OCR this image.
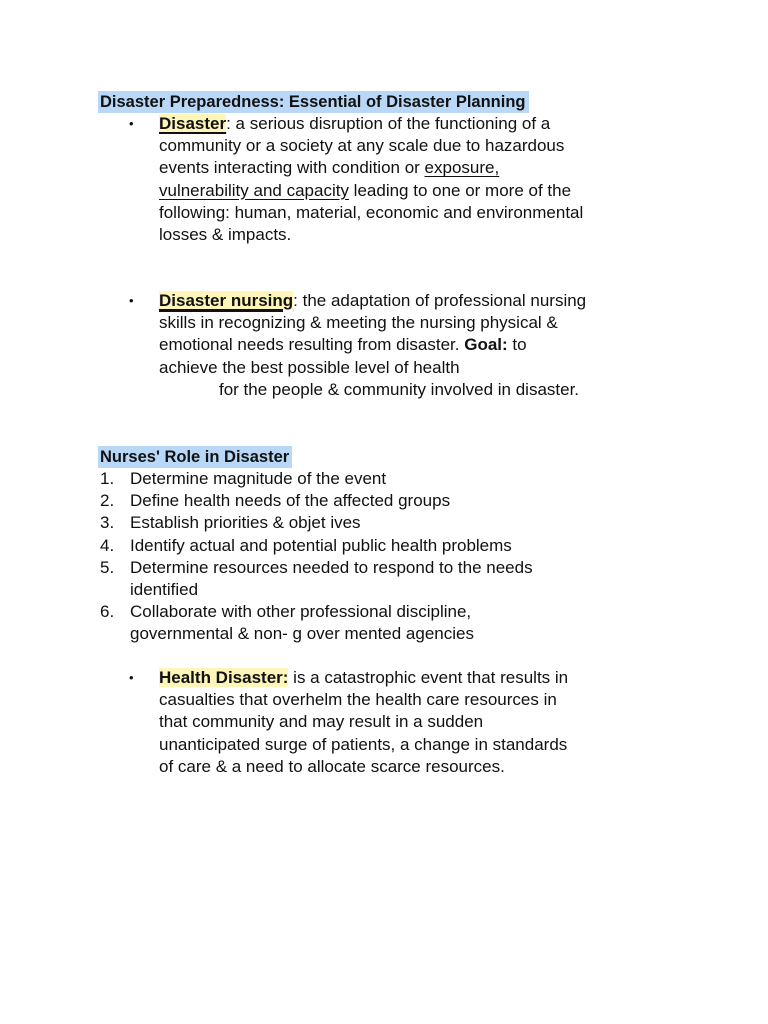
Disaster Preparedness: Essential of Disaster Planning
• Disaster: a serious disruption of the functioning of a
community or a society at any scale due to hazardous
events interacting with condition or exposure,
vulnerability and capacity leading to one or more of the
following: human, material, economic and environmental
losses & impacts.
• Disaster nursing: the adaptation of professional nursing
skills in recognizing & meeting the nursing physical &
emotional needs resulting from disaster. Goal: to
achieve the best possible level of health
for the people & community involved in disaster.
Nurses' Role in Disaster
1. Determine magnitude of the event
2. Define health needs of the affected groups
3. Establish priorities & objet ives
4. Identify actual and potential public health problems
5. Determine resources needed to respond to the needs
identified
6. Collaborate with other professional discipline,
governmental & non- g over mented agencies
• Health Disaster: is a catastrophic event that results in
casualties that overhelm the health care resources in
that community and may result in a sudden
unanticipated surge of patients, a change in standards
of care & a need to allocate scarce resources.
